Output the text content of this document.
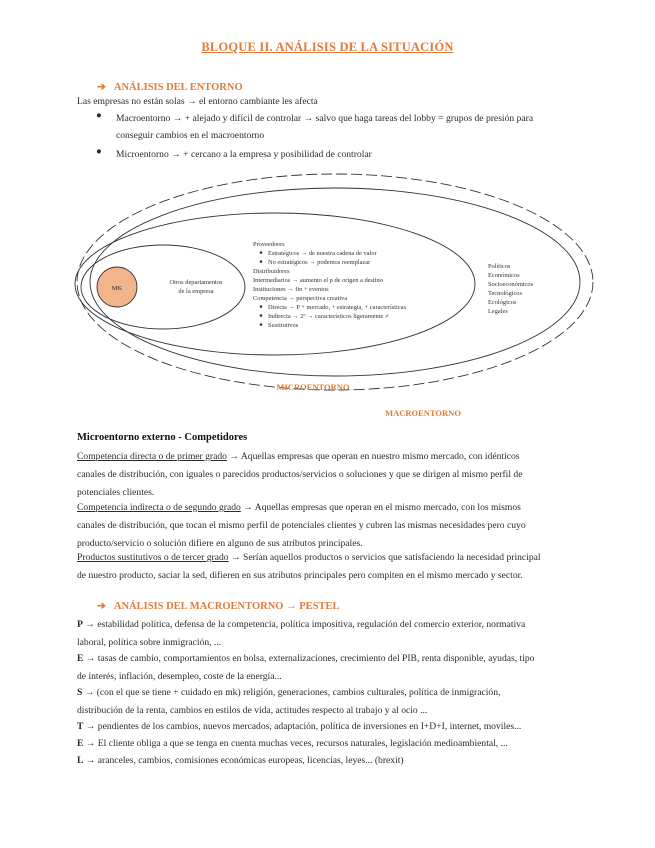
BLOQUE II. ANÁLISIS DE LA SITUACIÓN
➔ ANÁLISIS DEL ENTORNO
Las empresas no están solas → el entorno cambiante les afecta
● Macroentorno → + alejado y difícil de controlar → salvo que haga tareas del lobby = grupos de presión para
conseguir cambios en el macroentorno
● Microentorno → + cercano a la empresa y posibilidad de controlar
MK
Otros departamentos
de la empresa
Proveedores
Estratégicos → de nuestra cadena de valor
No estratégicos → podemos reemplazar
Distribuidores
Intermediarios → aumento el p de origen a destino
Instituciones → fin + eventos
Competencia → perspectiva creativa
Directa → P + mercado, + estrategia, + características
Indirecta → 2º → característicos ligeramente ≠
Sustitutivos
Políticos
Económicos
Socioeconómicos
Tecnológicos
Ecológicos
Legales
MICROENTORNO
MACROENTORNO
Microentorno externo - Competidores
Competencia directa o de primer grado → Aquellas empresas que operan en nuestro mismo mercado, con idénticos
canales de distribución, con iguales o parecidos productos/servicios o soluciones y que se dirigen al mismo perfil de
potenciales clientes.
Competencia indirecta o de segundo grado → Aquellas empresas que operan en el mismo mercado, con los mismos
canales de distribución, que tocan el mismo perfil de potenciales clientes y cubren las mismas necesidades pero cuyo
producto/servicio o solución difiere en alguno de sus atributos principales.
Productos sustitutivos o de tercer grado → Serían aquellos productos o servicios que satisfaciendo la necesidad principal
de nuestro producto, saciar la sed, difieren en sus atributos principales pero compiten en el mismo mercado y sector.
➔ ANÁLISIS DEL MACROENTORNO → PESTEL
P → estabilidad política, defensa de la competencia, política impositiva, regulación del comercio exterior, normativa
laboral, política sobre inmigración, ...
E → tasas de cambio, comportamientos en bolsa, externalizaciones, crecimiento del PIB, renta disponible, ayudas, tipo
de interés, inflación, desempleo, coste de la energía...
S → (con el que se tiene + cuidado en mk) religión, generaciones, cambios culturales, política de inmigración,
distribución de la renta, cambios en estilos de vida, actitudes respecto al trabajo y al ocio ...
T → pendientes de los cambios, nuevos mercados, adaptación, política de inversiones en I+D+I, internet, moviles...
E → El cliente obliga a que se tenga en cuenta muchas veces, recursos naturales, legislación medioambiental, ...
L → aranceles, cambios, comisiones económicas europeas, licencias, leyes... (brexit)
